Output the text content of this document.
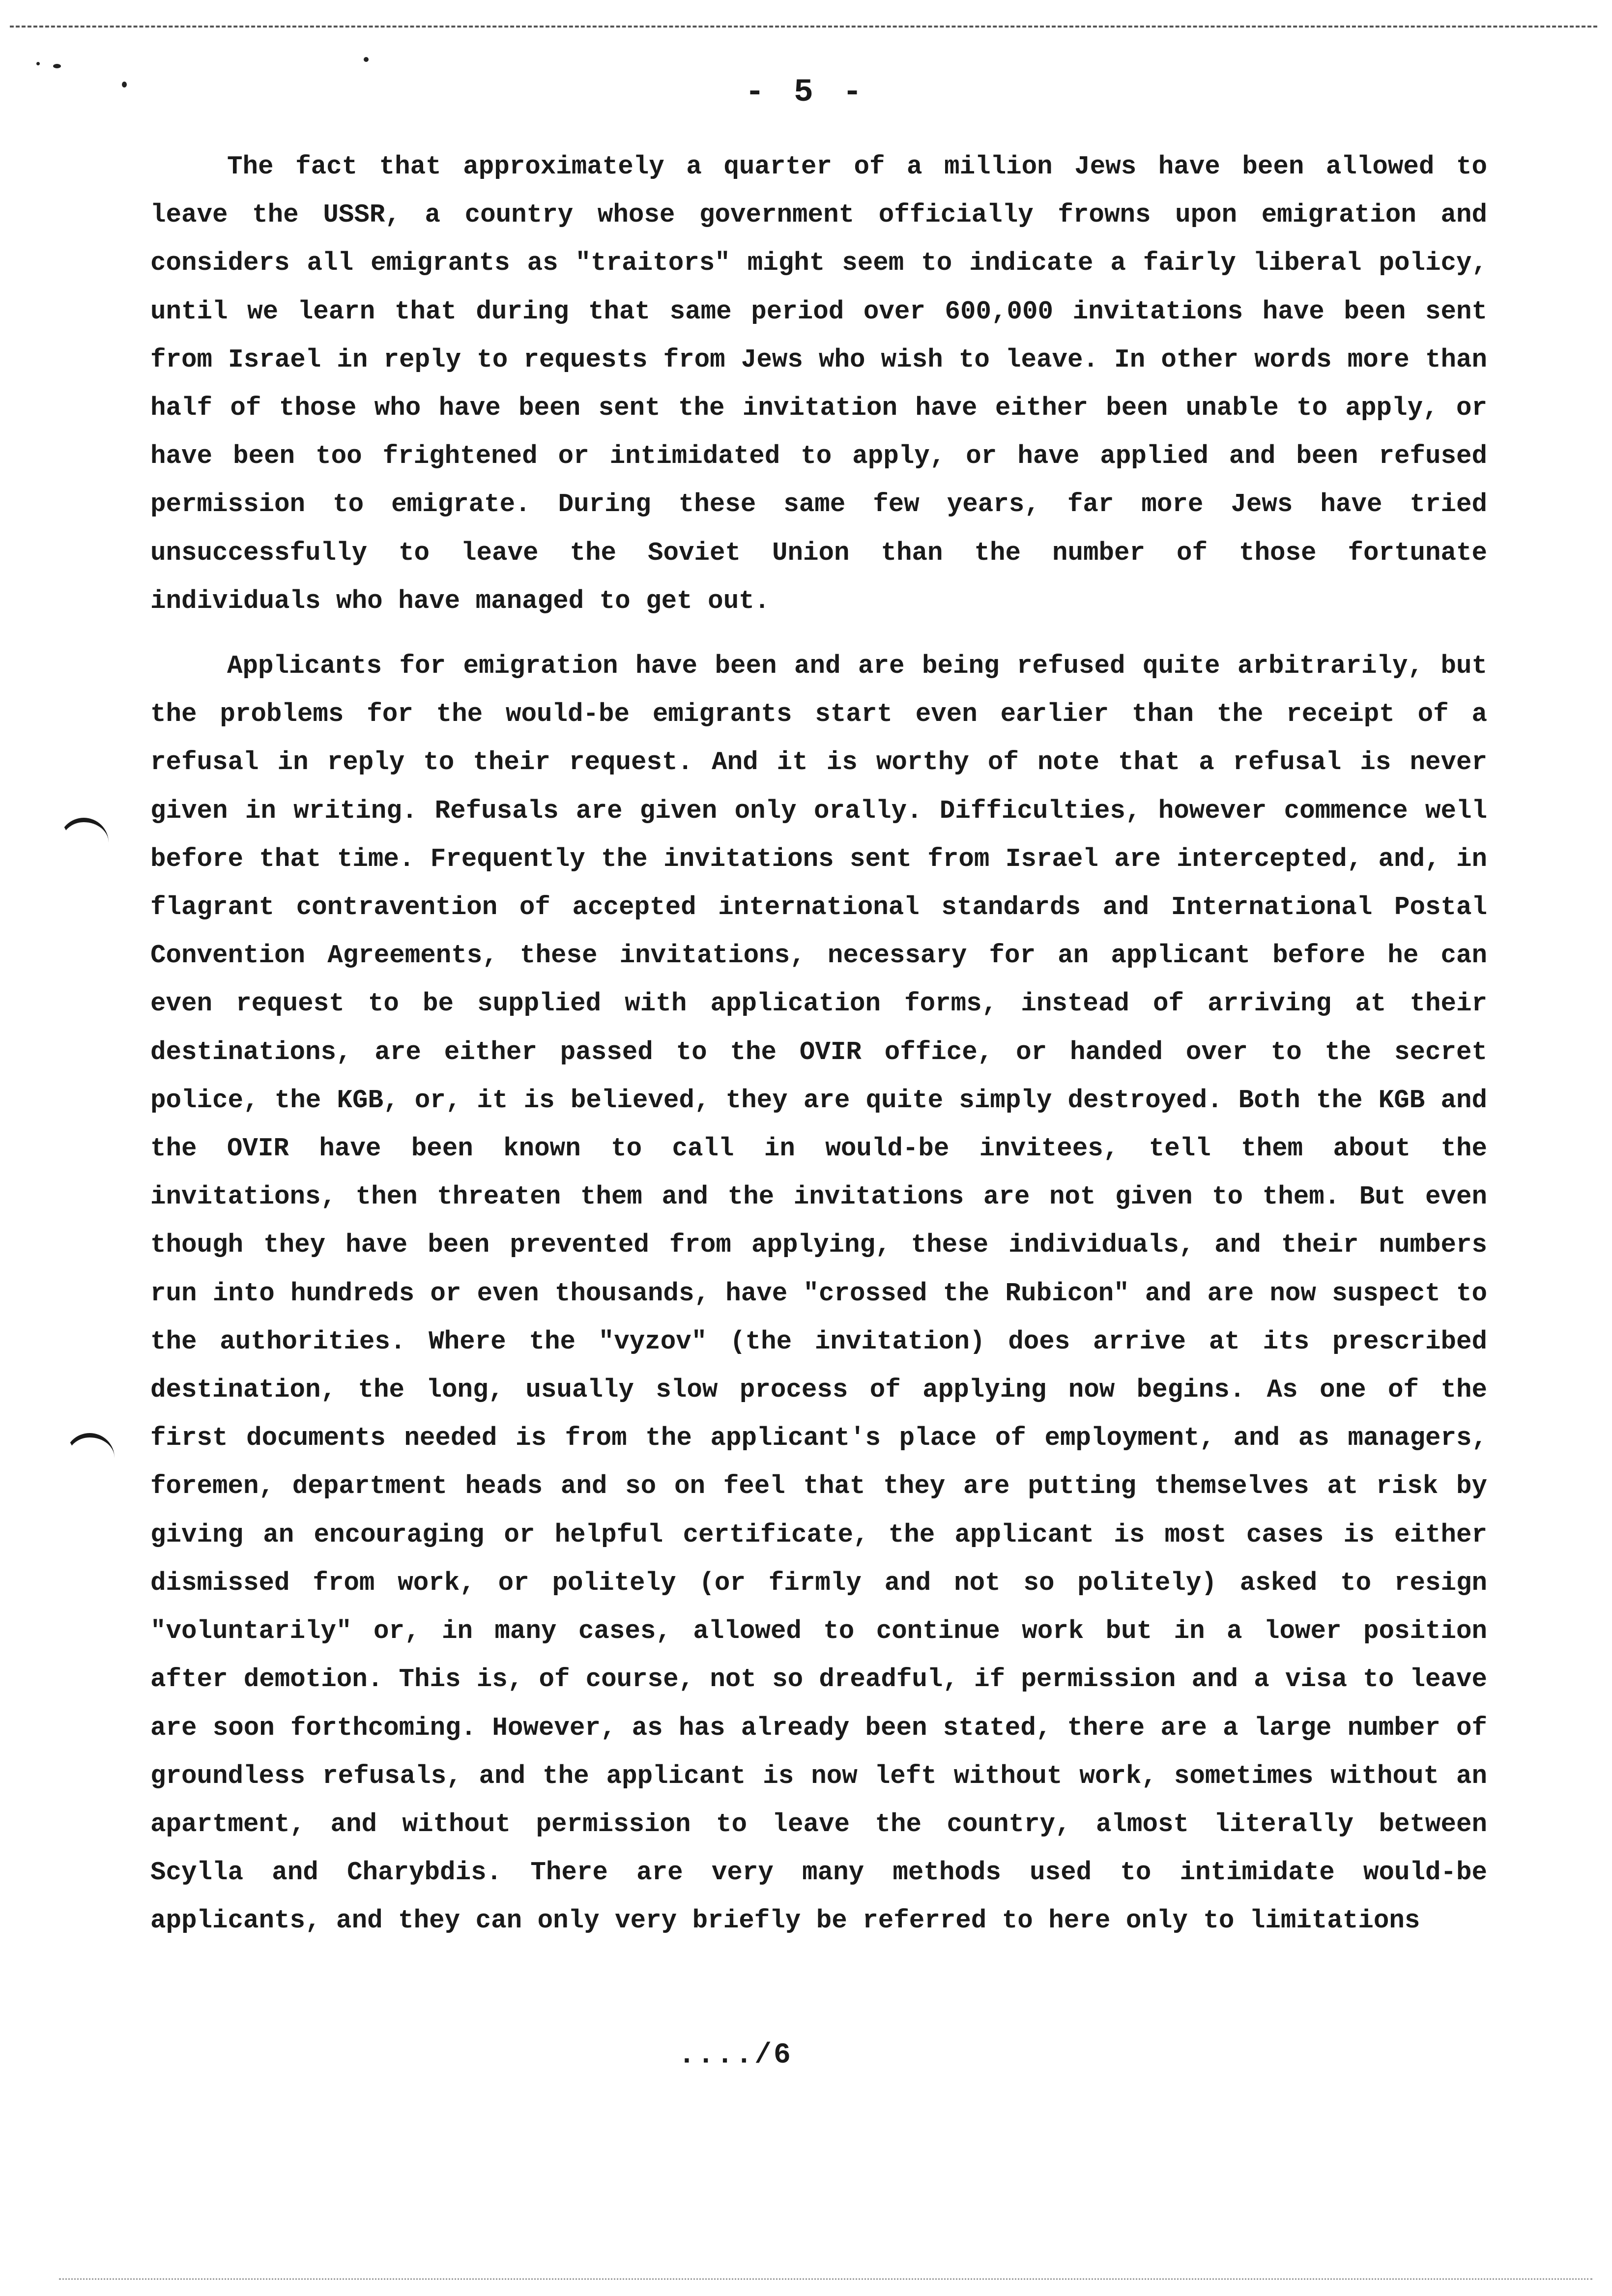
- 5 -

The fact that approximately a quarter of a million Jews have been allowed to leave the USSR, a country whose government officially frowns upon emigration and considers all emigrants as "traitors" might seem to indicate a fairly liberal policy, until we learn that during that same period over 600,000 invitations have been sent from Israel in reply to requests from Jews who wish to leave. In other words more than half of those who have been sent the invitation have either been unable to apply, or have been too frightened or intimidated to apply, or have applied and been refused permission to emigrate. During these same few years, far more Jews have tried unsuccessfully to leave the Soviet Union than the number of those fortunate individuals who have managed to get out.

Applicants for emigration have been and are being refused quite arbitrarily, but the problems for the would-be emigrants start even earlier than the receipt of a refusal in reply to their request. And it is worthy of note that a refusal is never given in writing. Refusals are given only orally. Difficulties, however commence well before that time. Frequently the invitations sent from Israel are intercepted, and, in flagrant contravention of accepted international standards and International Postal Convention Agreements, these invitations, necessary for an applicant before he can even request to be supplied with application forms, instead of arriving at their destinations, are either passed to the OVIR office, or handed over to the secret police, the KGB, or, it is believed, they are quite simply destroyed. Both the KGB and the OVIR have been known to call in would-be invitees, tell them about the invitations, then threaten them and the invitations are not given to them. But even though they have been prevented from applying, these individuals, and their numbers run into hundreds or even thousands, have "crossed the Rubicon" and are now suspect to the authorities. Where the "vyzov" (the invitation) does arrive at its prescribed destination, the long, usually slow process of applying now begins. As one of the first documents needed is from the applicant's place of employment, and as managers, foremen, department heads and so on feel that they are putting themselves at risk by giving an encouraging or helpful certificate, the applicant is most cases is either dismissed from work, or politely (or firmly and not so politely) asked to resign "voluntarily" or, in many cases, allowed to continue work but in a lower position after demotion. This is, of course, not so dreadful, if permission and a visa to leave are soon forthcoming. However, as has already been stated, there are a large number of groundless refusals, and the applicant is now left without work, sometimes without an apartment, and without permission to leave the country, almost literally between Scylla and Charybdis. There are very many methods used to intimidate would-be applicants, and they can only very briefly be referred to here only to limitations

..../6
